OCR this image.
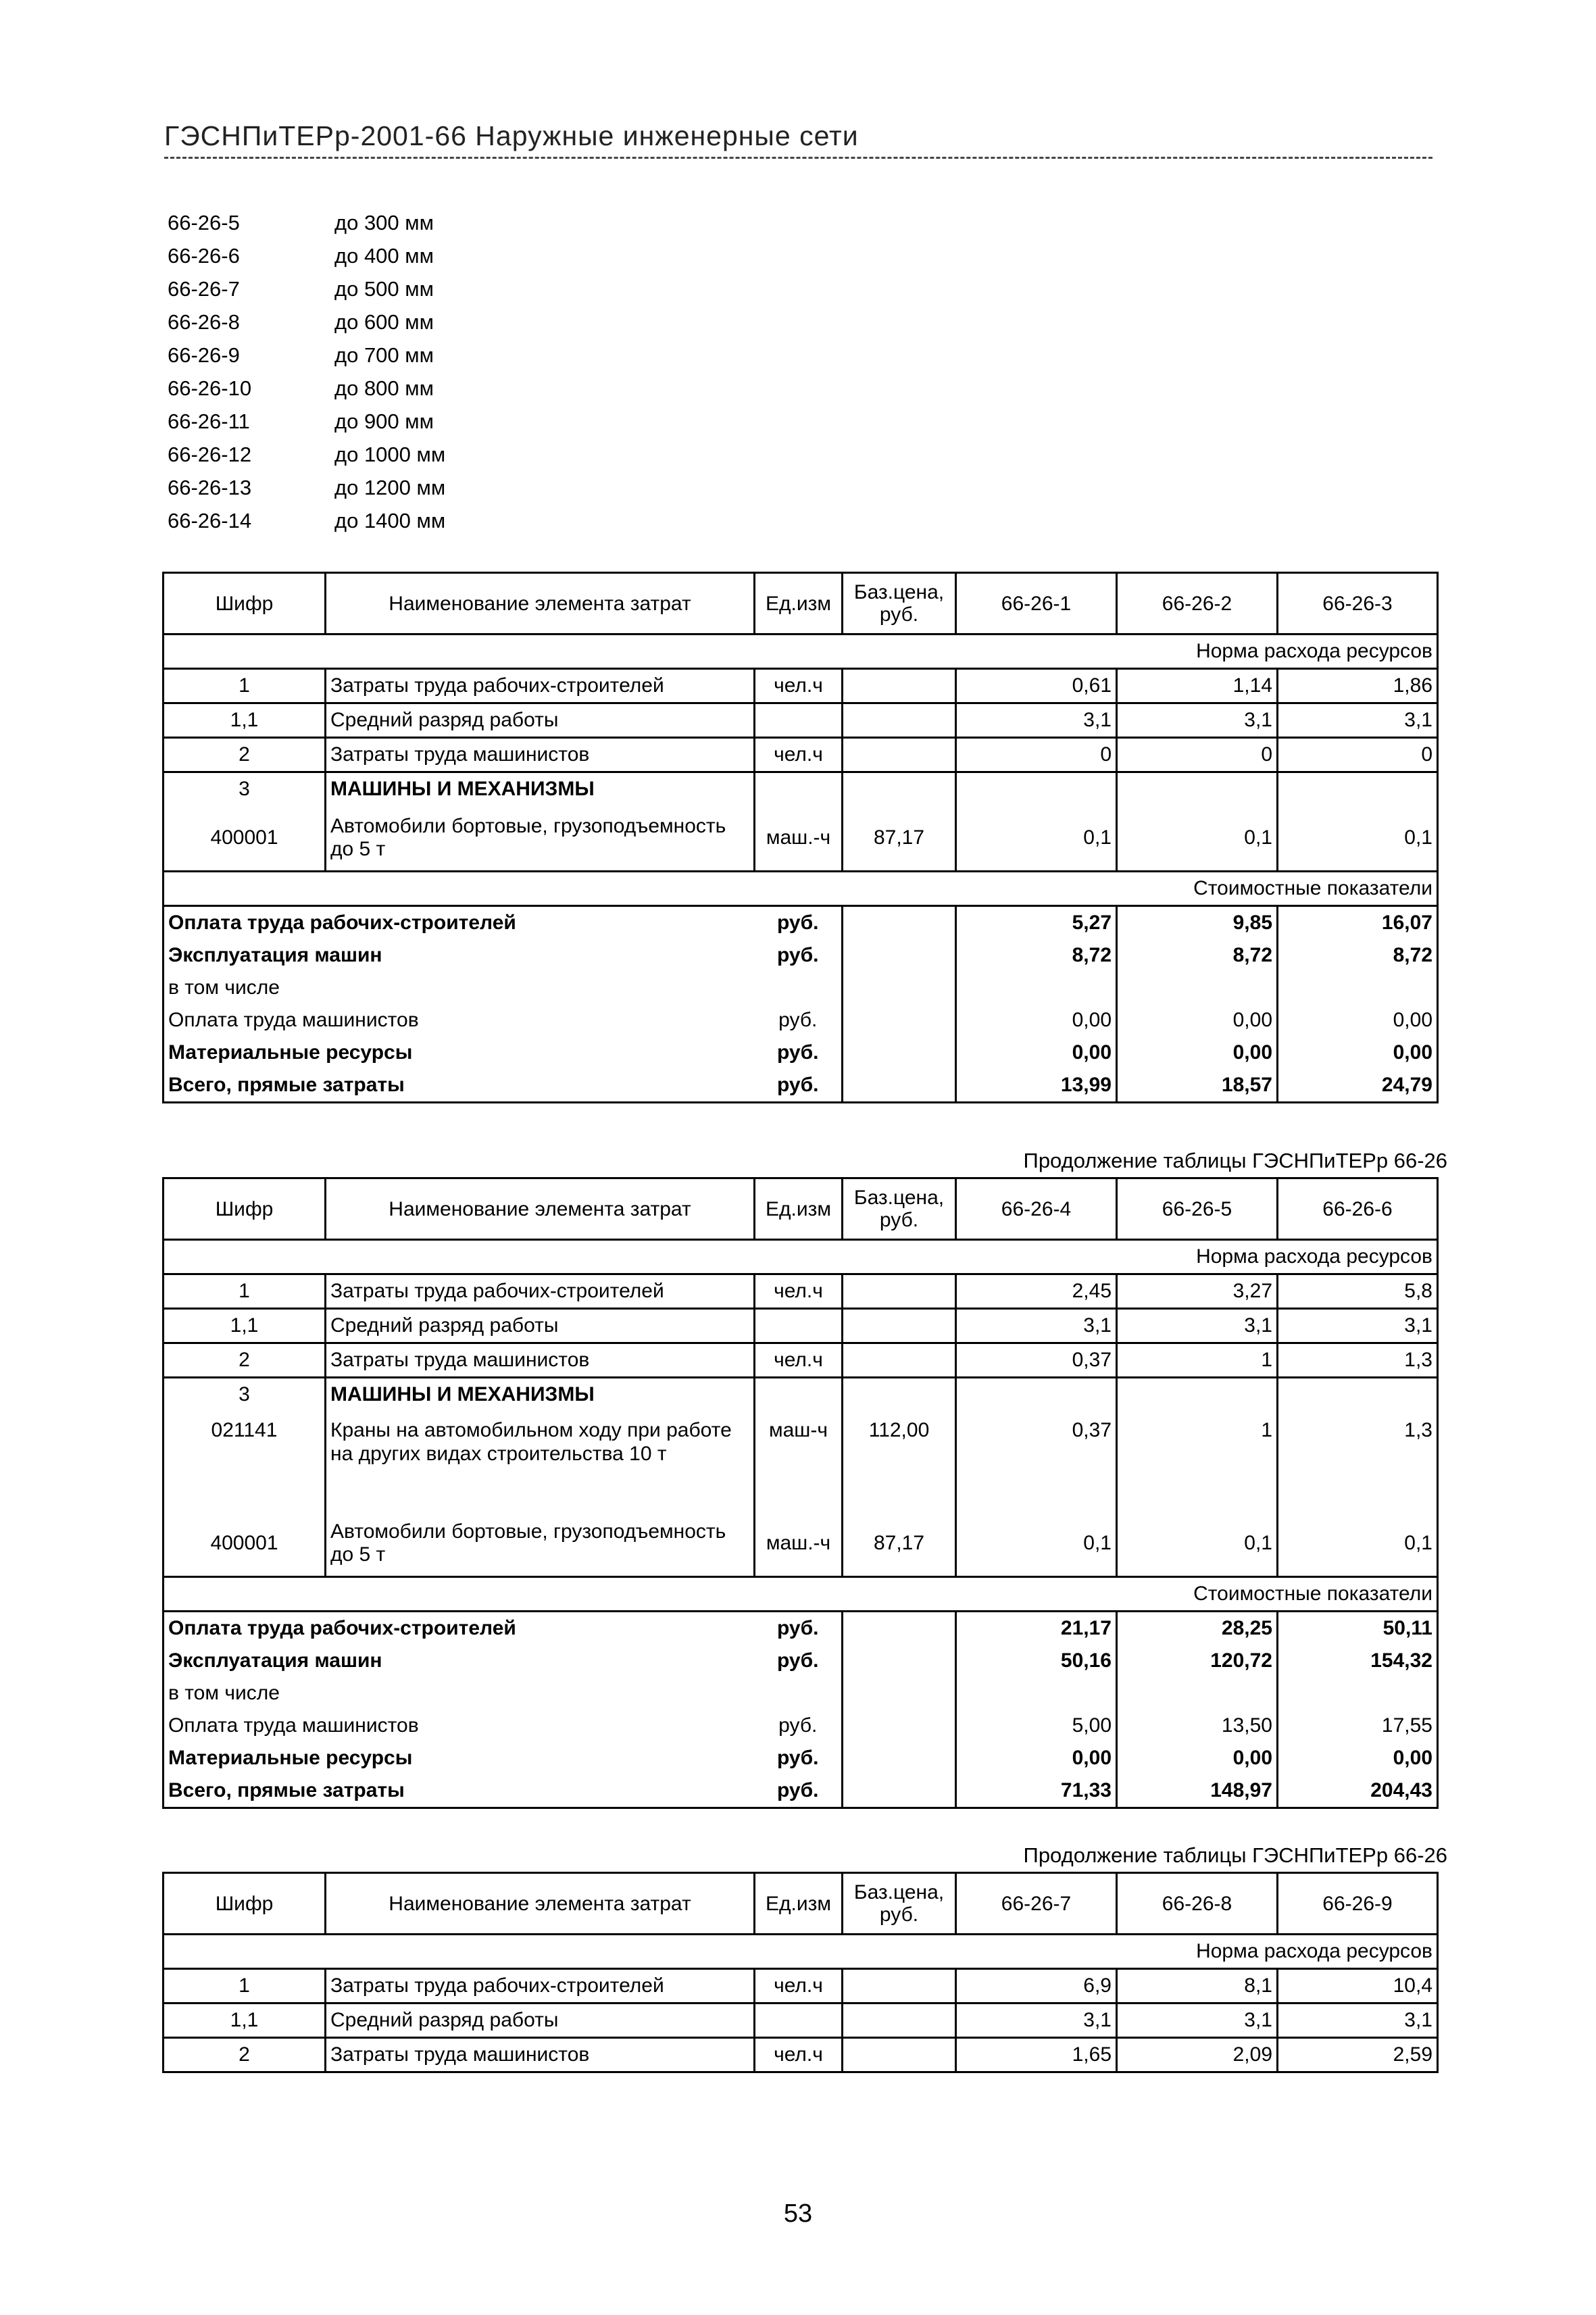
ГЭСНПиТЕРр-2001-66 Наружные инженерные сети
66-26-5	до 300 мм
66-26-6	до 400 мм
66-26-7	до 500 мм
66-26-8	до 600 мм
66-26-9	до 700 мм
66-26-10	до 800 мм
66-26-11	до 900 мм
66-26-12	до 1000 мм
66-26-13	до 1200 мм
66-26-14	до 1400 мм
Шифр	Наименование элемента затрат	Ед.изм	Баз.цена, руб.	66-26-1	66-26-2	66-26-3
Норма расхода ресурсов						
1	Затраты труда рабочих-строителей	чел.ч		0,61	1,14	1,86
1,1	Средний разряд работы			3,1	3,1	3,1
2	Затраты труда машинистов	чел.ч		0	0	0
3	МАШИНЫ И МЕХАНИЗМЫ					
400001	Автомобили бортовые, грузоподъемность до 5 т	маш.-ч	87,17	0,1	0,1	0,1
Стоимостные показатели						
Оплата труда рабочих-строителей		руб.		5,27	9,85	16,07
Эксплуатация машин		руб.		8,72	8,72	8,72
в том числе						
Оплата труда машинистов		руб.		0,00	0,00	0,00
Материальные ресурсы		руб.		0,00	0,00	0,00
Всего, прямые затраты		руб.		13,99	18,57	24,79
Продолжение таблицы ГЭСНПиТЕРр 66-26
Шифр	Наименование элемента затрат	Ед.изм	Баз.цена, руб.	66-26-4	66-26-5	66-26-6
Норма расхода ресурсов						
1	Затраты труда рабочих-строителей	чел.ч		2,45	3,27	5,8
1,1	Средний разряд работы			3,1	3,1	3,1
2	Затраты труда машинистов	чел.ч		0,37	1	1,3
3	МАШИНЫ И МЕХАНИЗМЫ					
021141	Краны на автомобильном ходу при работе на других видах строительства 10 т	маш-ч	112,00	0,37	1	1,3
400001	Автомобили бортовые, грузоподъемность до 5 т	маш.-ч	87,17	0,1	0,1	0,1
Стоимостные показатели						
Оплата труда рабочих-строителей		руб.		21,17	28,25	50,11
Эксплуатация машин		руб.		50,16	120,72	154,32
в том числе						
Оплата труда машинистов		руб.		5,00	13,50	17,55
Материальные ресурсы		руб.		0,00	0,00	0,00
Всего, прямые затраты		руб.		71,33	148,97	204,43
Продолжение таблицы ГЭСНПиТЕРр 66-26
Шифр	Наименование элемента затрат	Ед.изм	Баз.цена, руб.	66-26-7	66-26-8	66-26-9
Норма расхода ресурсов						
1	Затраты труда рабочих-строителей	чел.ч		6,9	8,1	10,4
1,1	Средний разряд работы			3,1	3,1	3,1
2	Затраты труда машинистов	чел.ч		1,65	2,09	2,59
53
